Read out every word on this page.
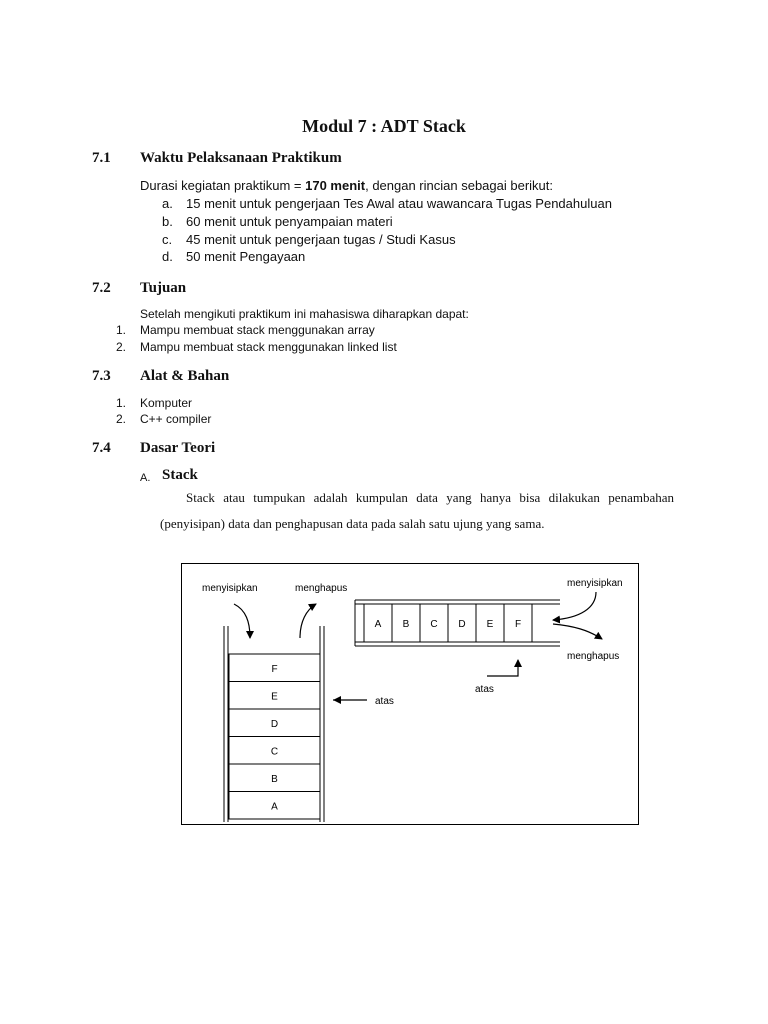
Modul 7 : ADT Stack
7.1 Waktu Pelaksanaan Praktikum
Durasi kegiatan praktikum = 170 menit, dengan rincian sebagai berikut:
a. 15 menit untuk pengerjaan Tes Awal atau wawancara Tugas Pendahuluan
b. 60 menit untuk penyampaian materi
c. 45 menit untuk pengerjaan tugas / Studi Kasus
d. 50 menit Pengayaan
7.2 Tujuan
Setelah mengikuti praktikum ini mahasiswa diharapkan dapat:
1. Mampu membuat stack menggunakan array
2. Mampu membuat stack menggunakan linked list
7.3 Alat & Bahan
1. Komputer
2. C++ compiler
7.4 Dasar Teori
A. Stack
Stack atau tumpukan adalah kumpulan data yang hanya bisa dilakukan penambahan (penyisipan) data dan penghapusan data pada salah satu ujung yang sama.
menyisipkan	menghapus
F
E
D
C
B
A
atas
A B C D E F
menyisipkan
menghapus
atas
